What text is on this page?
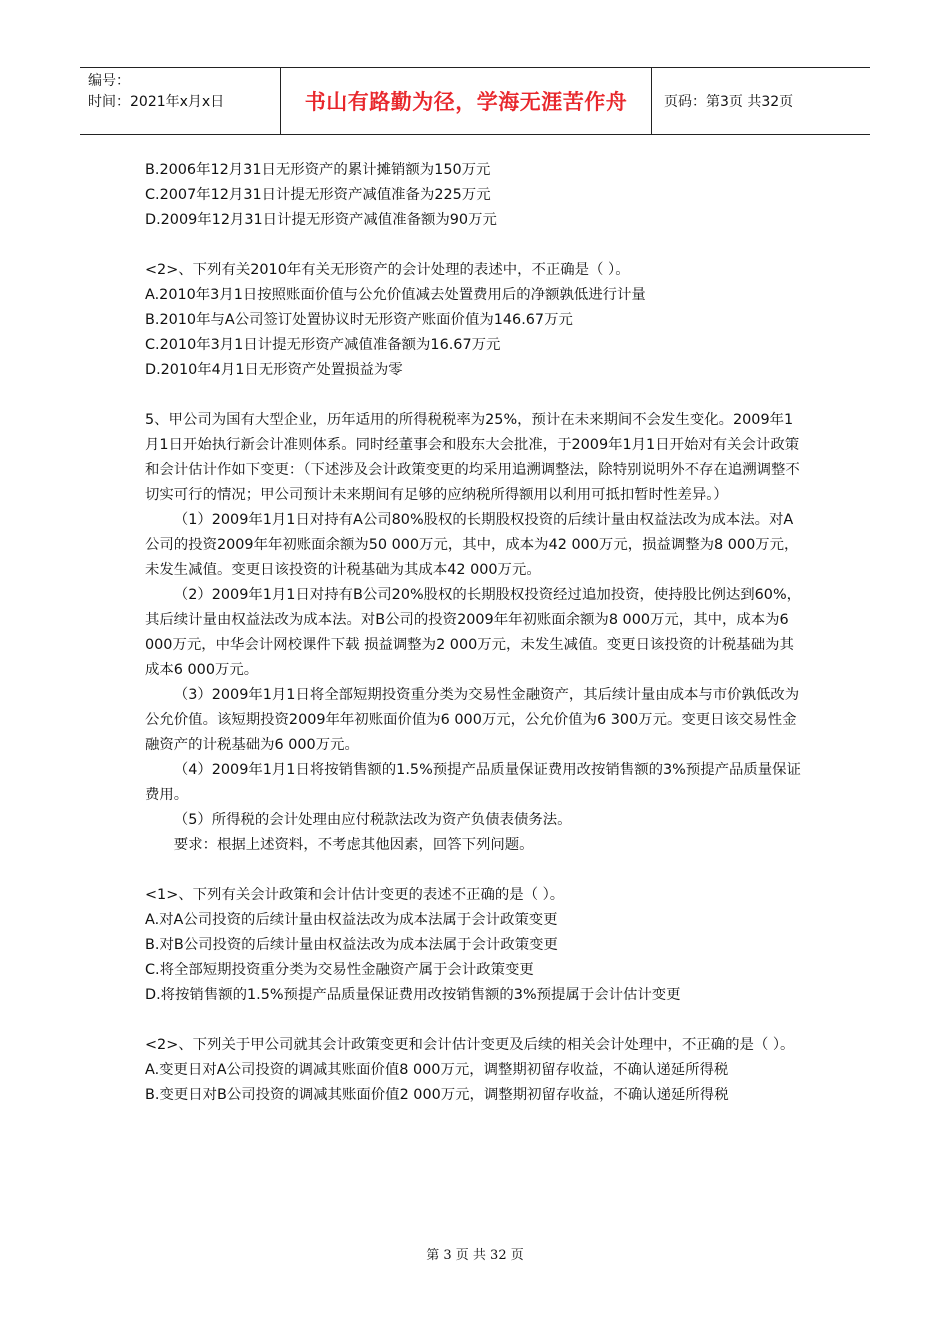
编号：
时间：2021年x月x日	书山有路勤为径，学海无涯苦作舟	页码：第3页 共32页

B.2006年12月31日无形资产的累计摊销额为150万元

C.2007年12月31日计提无形资产减值准备为225万元

D.2009年12月31日计提无形资产减值准备额为90万元

<2>、下列有关2010年有关无形资产的会计处理的表述中，不正确是（ ）。

A.2010年3月1日按照账面价值与公允价值减去处置费用后的净额孰低进行计量

B.2010年与A公司签订处置协议时无形资产账面价值为146.67万元

C.2010年3月1日计提无形资产减值准备额为16.67万元

D.2010年4月1日无形资产处置损益为零

5、甲公司为国有大型企业，历年适用的所得税税率为25%，预计在未来期间不会发生变化。2009年1月1日开始执行新会计准则体系。同时经董事会和股东大会批准，于2009年1月1日开始对有关会计政策和会计估计作如下变更：（下述涉及会计政策变更的均采用追溯调整法，除特别说明外不存在追溯调整不切实可行的情况；甲公司预计未来期间有足够的应纳税所得额用以利用可抵扣暂时性差异。）

（1）2009年1月1日对持有A公司80%股权的长期股权投资的后续计量由权益法改为成本法。对A公司的投资2009年年初账面余额为50 000万元，其中，成本为42 000万元，损益调整为8 000万元，未发生减值。变更日该投资的计税基础为其成本42 000万元。

（2）2009年1月1日对持有B公司20%股权的长期股权投资经过追加投资，使持股比例达到60%，其后续计量由权益法改为成本法。对B公司的投资2009年年初账面余额为8 000万元，其中，成本为6 000万元，中华会计网校课件下载 损益调整为2 000万元，未发生减值。变更日该投资的计税基础为其成本6 000万元。

（3）2009年1月1日将全部短期投资重分类为交易性金融资产，其后续计量由成本与市价孰低改为公允价值。该短期投资2009年年初账面价值为6 000万元，公允价值为6 300万元。变更日该交易性金融资产的计税基础为6 000万元。

（4）2009年1月1日将按销售额的1.5%预提产品质量保证费用改按销售额的3%预提产品质量保证费用。

（5）所得税的会计处理由应付税款法改为资产负债表债务法。

要求：根据上述资料，不考虑其他因素，回答下列问题。

<1>、下列有关会计政策和会计估计变更的表述不正确的是（ ）。

A.对A公司投资的后续计量由权益法改为成本法属于会计政策变更

B.对B公司投资的后续计量由权益法改为成本法属于会计政策变更

C.将全部短期投资重分类为交易性金融资产属于会计政策变更

D.将按销售额的1.5%预提产品质量保证费用改按销售额的3%预提属于会计估计变更

<2>、下列关于甲公司就其会计政策变更和会计估计变更及后续的相关会计处理中，不正确的是（ ）。

A.变更日对A公司投资的调减其账面价值8 000万元，调整期初留存收益，不确认递延所得税

B.变更日对B公司投资的调减其账面价值2 000万元，调整期初留存收益，不确认递延所得税

第 3 页 共 32 页
